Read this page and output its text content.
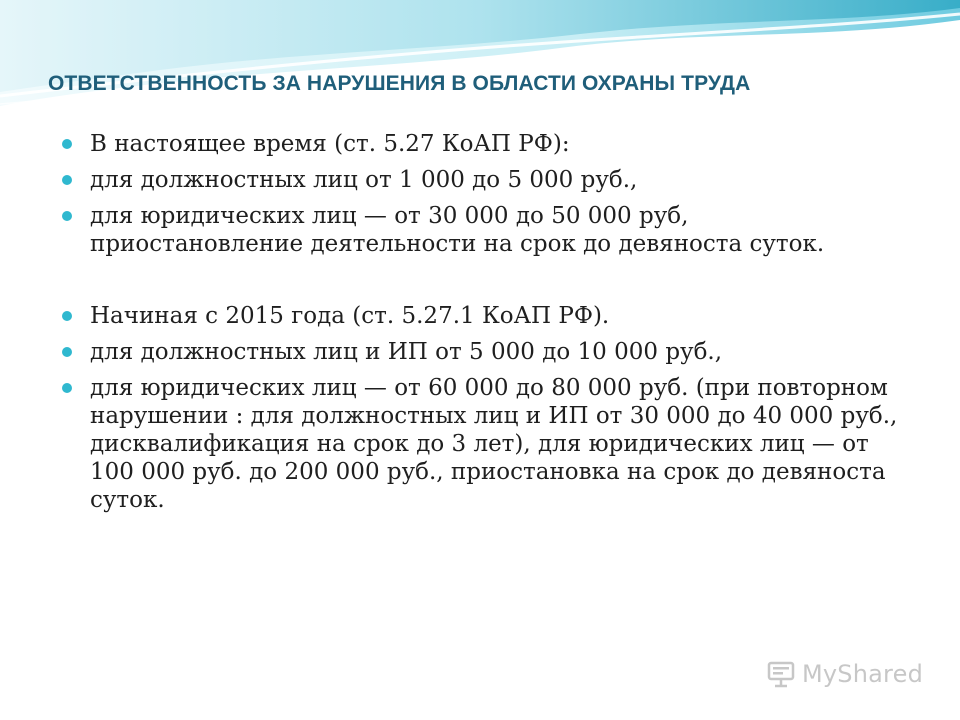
ОТВЕТСТВЕННОСТЬ ЗА НАРУШЕНИЯ В ОБЛАСТИ ОХРАНЫ ТРУДА
В настоящее время (ст. 5.27 КоАП РФ):
для должностных лиц от 1 000 до 5 000 руб.,
для юридических лиц — от 30 000 до 50 000 руб, приостановление деятельности на срок до девяноста суток.
Начиная с 2015 года (ст. 5.27.1 КоАП РФ).
для должностных лиц и ИП от 5 000 до 10 000 руб.,
для юридических лиц — от 60 000 до 80 000 руб. (при повторном нарушении : для должностных лиц и ИП от 30 000 до 40 000 руб., дисквалификация на срок до 3 лет), для юридических лиц — от 100 000 руб. до 200 000 руб., приостановка на срок до девяноста суток.
MyShared
